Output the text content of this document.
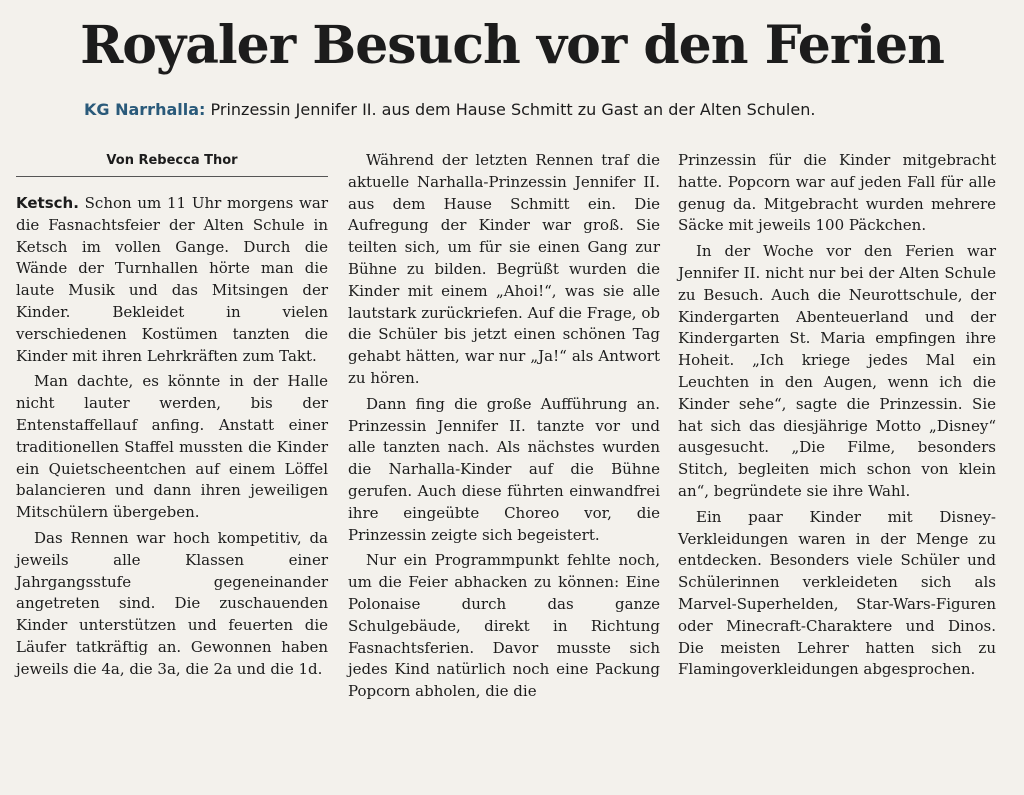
Royaler Besuch vor den Ferien

KG Narrhalla: Prinzessin Jennifer II. aus dem Hause Schmitt zu Gast an der Alten Schulen.

Von Rebecca Thor

Ketsch. Schon um 11 Uhr morgens war die Fasnachtsfeier der Alten Schule in Ketsch im vollen Gange. Durch die Wände der Turnhallen hörte man die laute Musik und das Mitsingen der Kinder. Bekleidet in vielen verschiedenen Kostümen tanzten die Kinder mit ihren Lehrkräften zum Takt.

Man dachte, es könnte in der Halle nicht lauter werden, bis der Entenstaffellauf anfing. Anstatt einer traditionellen Staffel mussten die Kinder ein Quietscheentchen auf einem Löffel balancieren und dann ihren jeweiligen Mitschülern übergeben.

Das Rennen war hoch kompetitiv, da jeweils alle Klassen einer Jahrgangsstufe gegeneinander angetreten sind. Die zuschauenden Kinder unterstützen und feuerten die Läufer tatkräftig an. Gewonnen haben jeweils die 4a, die 3a, die 2a und die 1d.

Während der letzten Rennen traf die aktuelle Narhalla-Prinzessin Jennifer II. aus dem Hause Schmitt ein. Die Aufregung der Kinder war groß. Sie teilten sich, um für sie einen Gang zur Bühne zu bilden. Begrüßt wurden die Kinder mit einem „Ahoi!“, was sie alle lautstark zurückriefen. Auf die Frage, ob die Schüler bis jetzt einen schönen Tag gehabt hätten, war nur „Ja!“ als Antwort zu hören.

Dann fing die große Aufführung an. Prinzessin Jennifer II. tanzte vor und alle tanzten nach. Als nächstes wurden die Narhalla-Kinder auf die Bühne gerufen. Auch diese führten einwandfrei ihre eingeübte Choreo vor, die Prinzessin zeigte sich begeistert.

Nur ein Programmpunkt fehlte noch, um die Feier abhacken zu können: Eine Polonaise durch das ganze Schulgebäude, direkt in Richtung Fasnachtsferien. Davor musste sich jedes Kind natürlich noch eine Packung Popcorn abholen, die die

Prinzessin für die Kinder mitgebracht hatte. Popcorn war auf jeden Fall für alle genug da. Mitgebracht wurden mehrere Säcke mit jeweils 100 Päckchen.

In der Woche vor den Ferien war Jennifer II. nicht nur bei der Alten Schule zu Besuch. Auch die Neurottschule, der Kindergarten Abenteuerland und der Kindergarten St. Maria empfingen ihre Hoheit. „Ich kriege jedes Mal ein Leuchten in den Augen, wenn ich die Kinder sehe“, sagte die Prinzessin. Sie hat sich das diesjährige Motto „Disney“ ausgesucht. „Die Filme, besonders Stitch, begleiten mich schon von klein an“, begründete sie ihre Wahl.

Ein paar Kinder mit Disney-Verkleidungen waren in der Menge zu entdecken. Besonders viele Schüler und Schülerinnen verkleideten sich als Marvel-Superhelden, Star-Wars-Figuren oder Minecraft-Charaktere und Dinos. Die meisten Lehrer hatten sich zu Flamingoverkleidungen abgesprochen.
